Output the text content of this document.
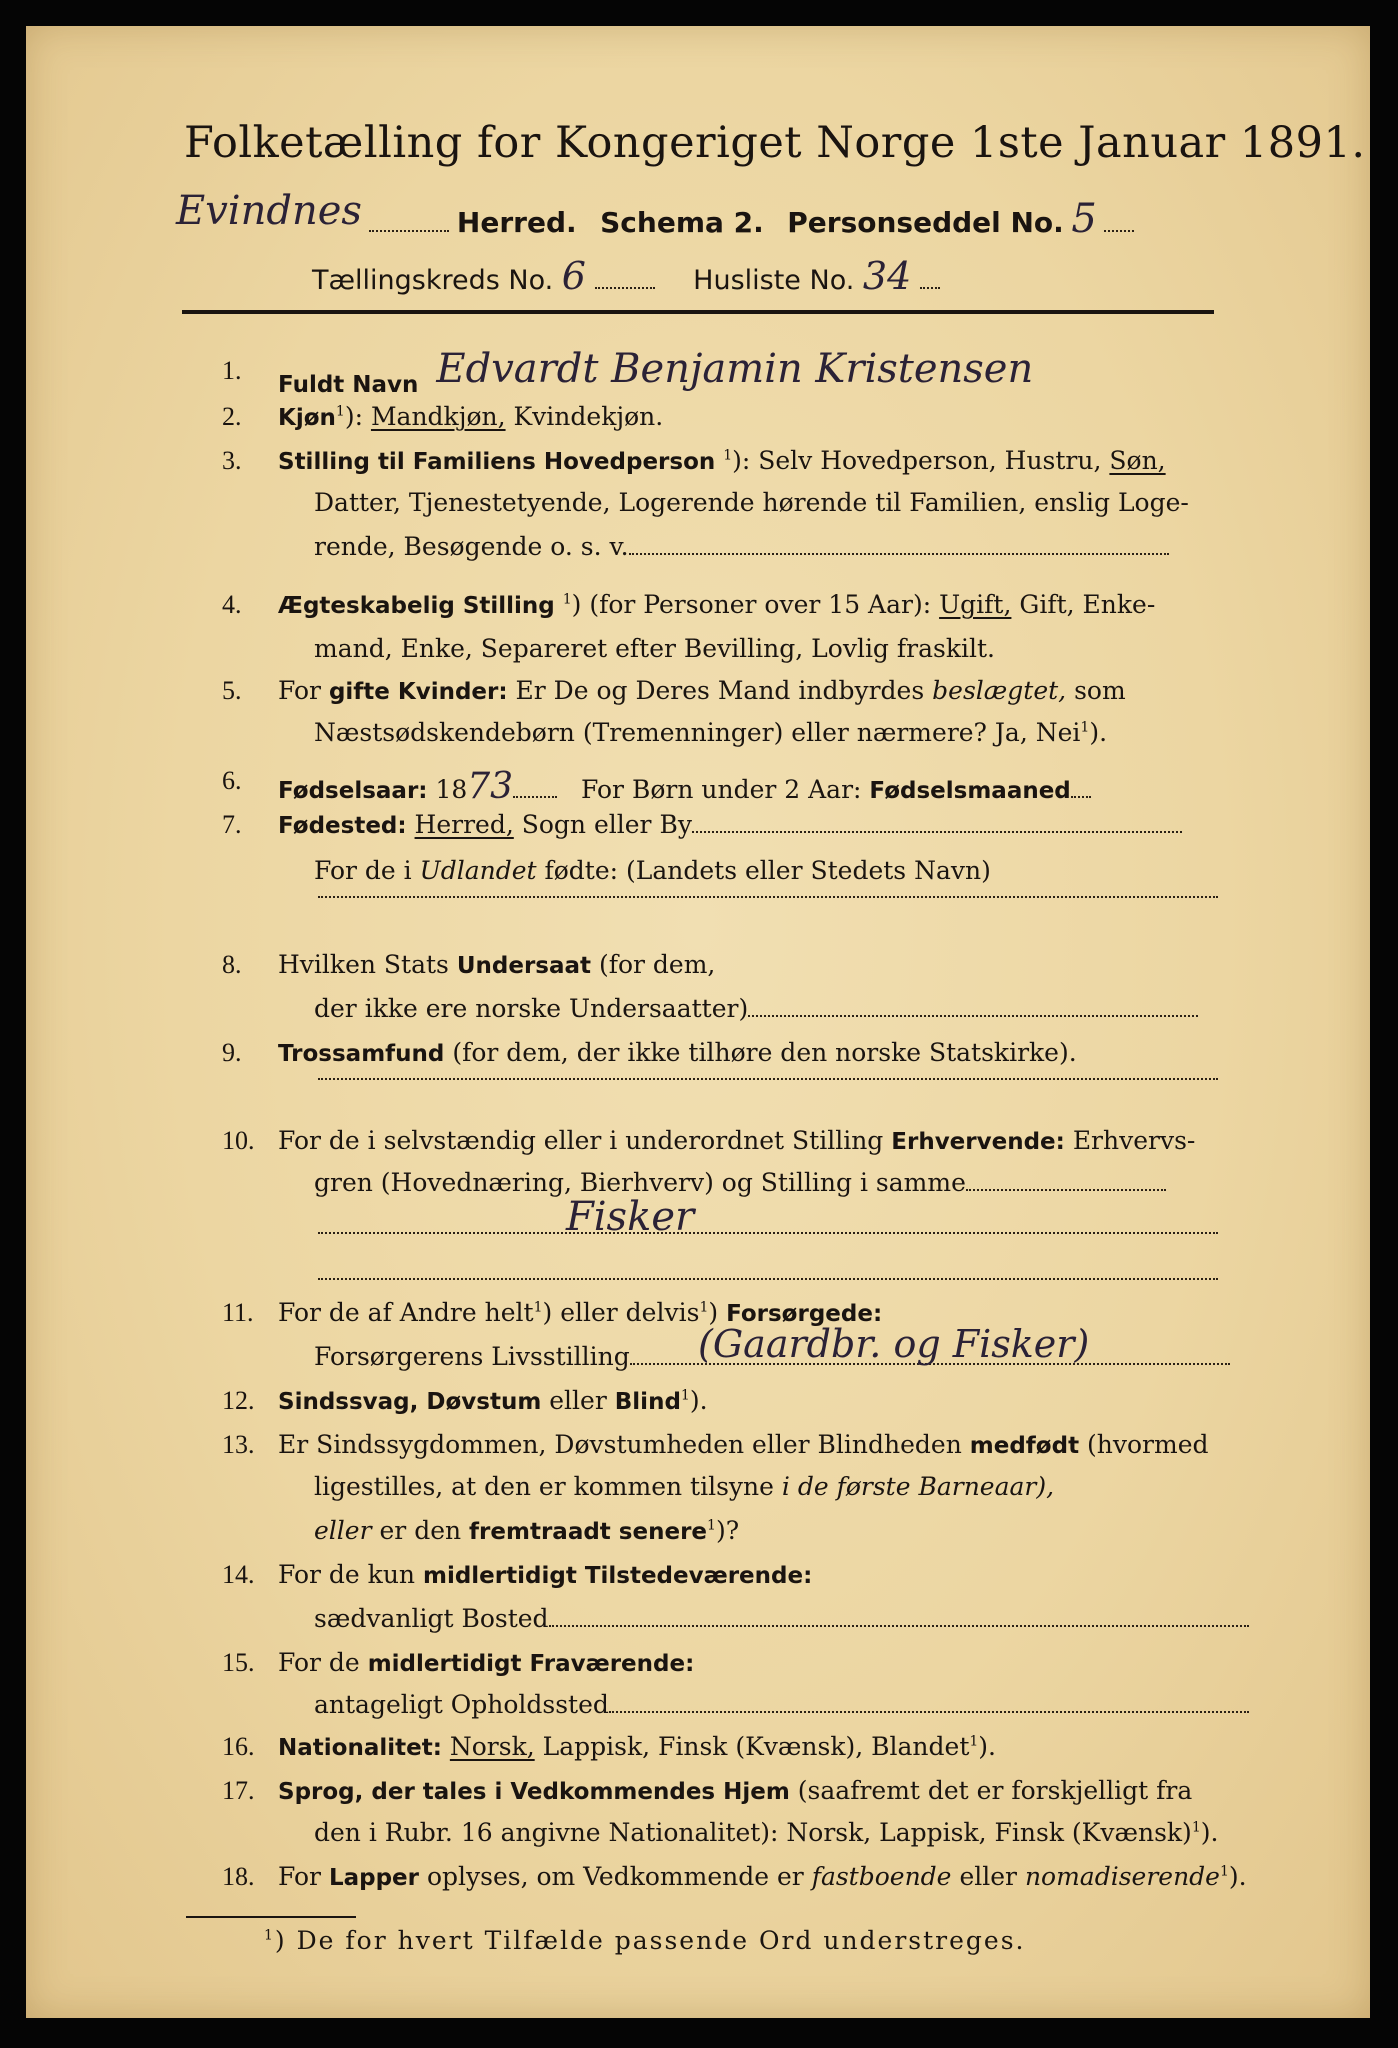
Folketælling for Kongeriget Norge 1ste Januar 1891.
Evindnes	Herred. Schema 2. Personseddel No. 5
Tællingskreds No. 6	Husliste No. 34
1. Fuldt Navn Edvardt Benjamin Kristensen
2. Kjøn$^1$): Mandkjøn, Kvindekjøn.
3. Stilling til Familiens Hovedperson $^1$): Selv Hovedperson, Hustru, Søn,
Datter, Tjenestetyende, Logerende hørende til Familien, enslig Loge-
rende, Besøgende o. s. v.
4. Ægteskabelig Stilling $^1$) (for Personer over 15 Aar): Ugift, Gift, Enke-
mand, Enke, Separeret efter Bevilling, Lovlig fraskilt.
5. For gifte Kvinder: Er De og Deres Mand indbyrdes beslægtet, som
Næstsødskendebørn (Tremenninger) eller nærmere? Ja, Nei$^1$).
6. Fødselsaar: 1873	For Børn under 2 Aar: Fødselsmaaned
7. Fødested: Herred, Sogn eller By
For de i Udlandet fødte: (Landets eller Stedets Navn)
8. Hvilken Stats Undersaat (for dem,
der ikke ere norske Undersaatter)
9. Trossamfund (for dem, der ikke tilhøre den norske Statskirke).
10. For de i selvstændig eller i underordnet Stilling Erhvervende: Erhvervs-
gren (Hovednæring, Bierhverv) og Stilling i samme
Fisker
11. For de af Andre helt$^1$) eller delvis$^1$) Forsørgede:
Forsørgerens Livsstilling	(Gaardbr. og Fisker)
12. Sindssvag, Døvstum eller Blind$^1$).
13. Er Sindssygdommen, Døvstumheden eller Blindheden medfødt (hvormed
ligestilles, at den er kommen tilsyne i de første Barneaar),
eller er den fremtraadt senere$^1$)?
14. For de kun midlertidigt Tilstedeværende:
sædvanligt Bosted
15. For de midlertidigt Fraværende:
antageligt Opholdssted
16. Nationalitet: Norsk, Lappisk, Finsk (Kvænsk), Blandet$^1$).
17. Sprog, der tales i Vedkommendes Hjem (saafremt det er forskjelligt fra
den i Rubr. 16 angivne Nationalitet): Norsk, Lappisk, Finsk (Kvænsk)$^1$).
18. For Lapper oplyses, om Vedkommende er fastboende eller nomadiserende$^1$).
$^1$) De for hvert Tilfælde passende Ord understreges.
